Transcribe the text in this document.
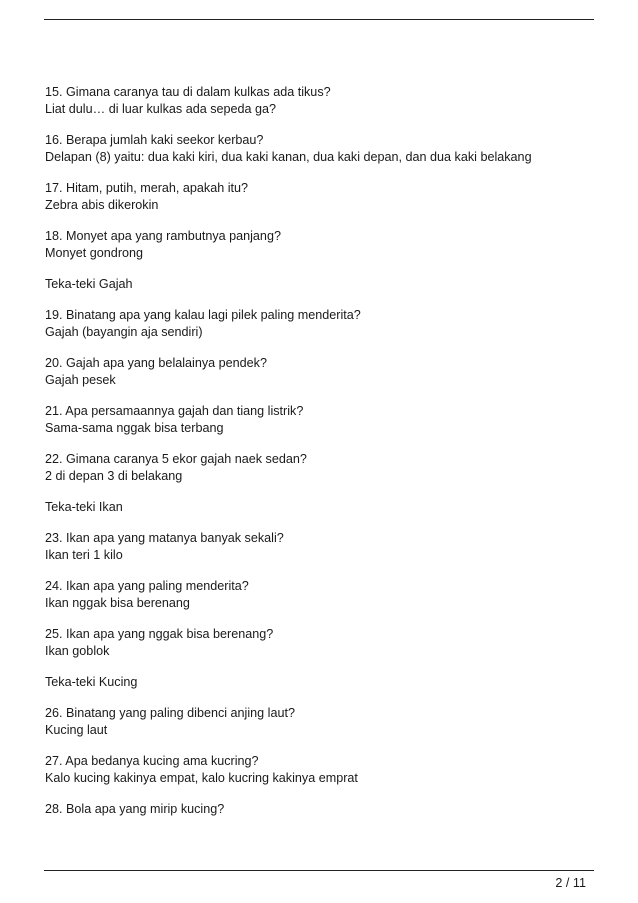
15. Gimana caranya tau di dalam kulkas ada tikus?
Liat dulu… di luar kulkas ada sepeda ga?
16. Berapa jumlah kaki seekor kerbau?
Delapan (8) yaitu: dua kaki kiri, dua kaki kanan, dua kaki depan, dan dua kaki belakang
17. Hitam, putih, merah, apakah itu?
Zebra abis dikerokin
18. Monyet apa yang rambutnya panjang?
Monyet gondrong
Teka-teki Gajah
19. Binatang apa yang kalau lagi pilek paling menderita?
Gajah (bayangin aja sendiri)
20. Gajah apa yang belalainya pendek?
Gajah pesek
21. Apa persamaannya gajah dan tiang listrik?
Sama-sama nggak bisa terbang
22. Gimana caranya 5 ekor gajah naek sedan?
2 di depan 3 di belakang
Teka-teki Ikan
23. Ikan apa yang matanya banyak sekali?
Ikan teri 1 kilo
24. Ikan apa yang paling menderita?
Ikan nggak bisa berenang
25. Ikan apa yang nggak bisa berenang?
Ikan goblok
Teka-teki Kucing
26. Binatang yang paling dibenci anjing laut?
Kucing laut
27. Apa bedanya kucing ama kucring?
Kalo kucing kakinya empat, kalo kucring kakinya emprat
28. Bola apa yang mirip kucing?
2 / 11
